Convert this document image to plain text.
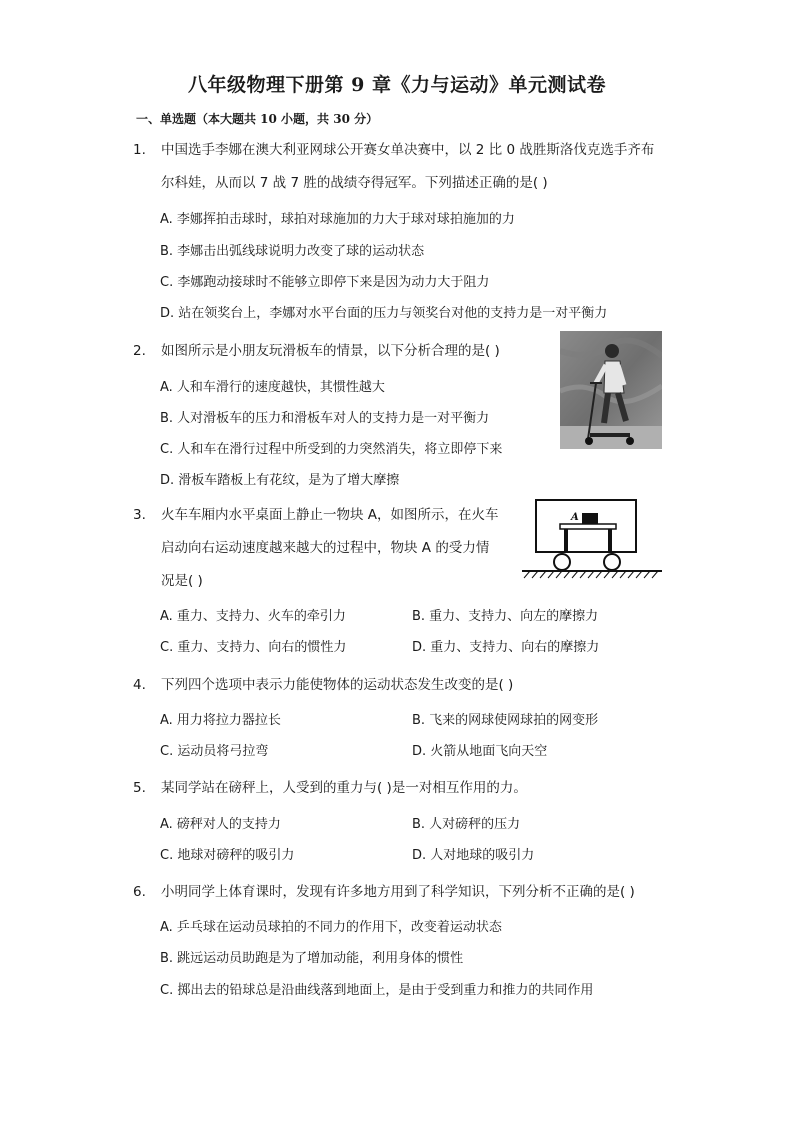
八年级物理下册第 9 章《力与运动》单元测试卷
一、单选题（本大题共 10 小题，共 30 分）
1. 中国选手李娜在澳大利亚网球公开赛女单决赛中，以 2 比 0 战胜斯洛伐克选手齐布
尔科娃，从而以 7 战 7 胜的战绩夺得冠军。下列描述正确的是( )
A. 李娜挥拍击球时，球拍对球施加的力大于球对球拍施加的力
B. 李娜击出弧线球说明力改变了球的运动状态
C. 李娜跑动接球时不能够立即停下来是因为动力大于阻力
D. 站在领奖台上，李娜对水平台面的压力与领奖台对他的支持力是一对平衡力
2. 如图所示是小朋友玩滑板车的情景，以下分析合理的是( )
A. 人和车滑行的速度越快，其惯性越大
B. 人对滑板车的压力和滑板车对人的支持力是一对平衡力
C. 人和车在滑行过程中所受到的力突然消失，将立即停下来
D. 滑板车踏板上有花纹，是为了增大摩擦
3. 火车车厢内水平桌面上静止一物块 A，如图所示，在火车
启动向右运动速度越来越大的过程中，物块 A 的受力情
况是( )
A. 重力、支持力、火车的牵引力	B. 重力、支持力、向左的摩擦力
C. 重力、支持力、向右的惯性力	D. 重力、支持力、向右的摩擦力
A
4. 下列四个选项中表示力能使物体的运动状态发生改变的是( )
A. 用力将拉力器拉长	B. 飞来的网球使网球拍的网变形
C. 运动员将弓拉弯	D. 火箭从地面飞向天空
5. 某同学站在磅秤上，人受到的重力与( )是一对相互作用的力。
A. 磅秤对人的支持力	B. 人对磅秤的压力
C. 地球对磅秤的吸引力	D. 人对地球的吸引力
6. 小明同学上体育课时，发现有许多地方用到了科学知识，下列分析不正确的是( )
A. 乒乓球在运动员球拍的不同力的作用下，改变着运动状态
B. 跳远运动员助跑是为了增加动能，利用身体的惯性
C. 掷出去的铅球总是沿曲线落到地面上，是由于受到重力和推力的共同作用
